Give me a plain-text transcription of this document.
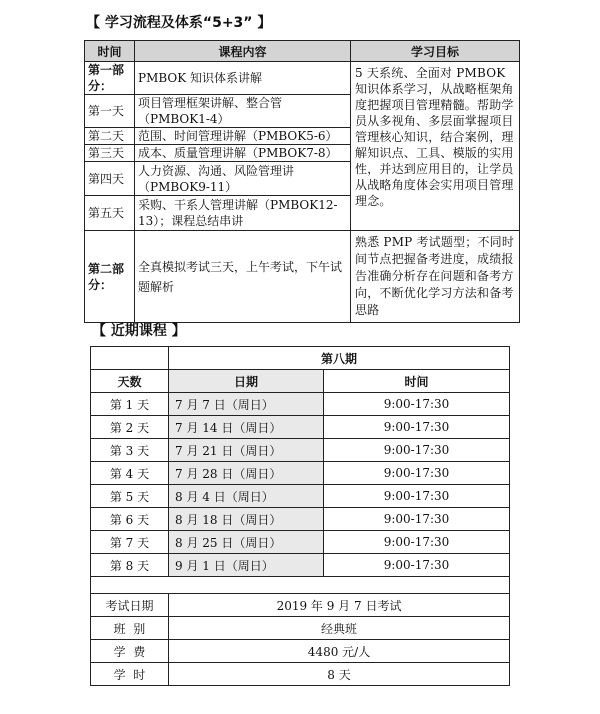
【 学习流程及体系“5+3” 】
时间	课程内容	学习目标
第一部分：	PMBOK 知识体系讲解	5 天系统、全面对 PMBOK 知识体系学习，从战略框架角度把握项目管理精髓。帮助学员从多视角、多层面掌握项目管理核心知识，结合案例，理解知识点、工具、模版的实用性，并达到应用目的，让学员从战略角度体会实用项目管理理念。
第一天	项目管理框架讲解、整合管（PMBOK1-4）	
第二天	范围、时间管理讲解（PMBOK5-6）	
第三天	成本、质量管理讲解（PMBOK7-8）	
第四天	人力资源、沟通、风险管理讲（PMBOK9-11）	
第五天	采购、干系人管理讲解（PMBOK12-13）；课程总结串讲	
第二部分：	全真模拟考试三天，上午考试，下午试题解析	熟悉 PMP 考试题型；不同时间节点把握备考进度，成绩报告准确分析存在问题和备考方向，不断优化学习方法和备考思路
【 近期课程 】
	第八期	
天数	日期	时间
第 1 天	7 月 7 日（周日）	9:00-17:30
第 2 天	7 月 14 日（周日）	9:00-17:30
第 3 天	7 月 21 日（周日）	9:00-17:30
第 4 天	7 月 28 日（周日）	9:00-17:30
第 5 天	8 月 4 日（周日）	9:00-17:30
第 6 天	8 月 18 日（周日）	9:00-17:30
第 7 天	8 月 25 日（周日）	9:00-17:30
第 8 天	9 月 1 日（周日）	9:00-17:30

考试日期	2019 年 9 月 7 日考试	
班  别	经典班	
学  费	4480 元/人	
学  时	8 天	
